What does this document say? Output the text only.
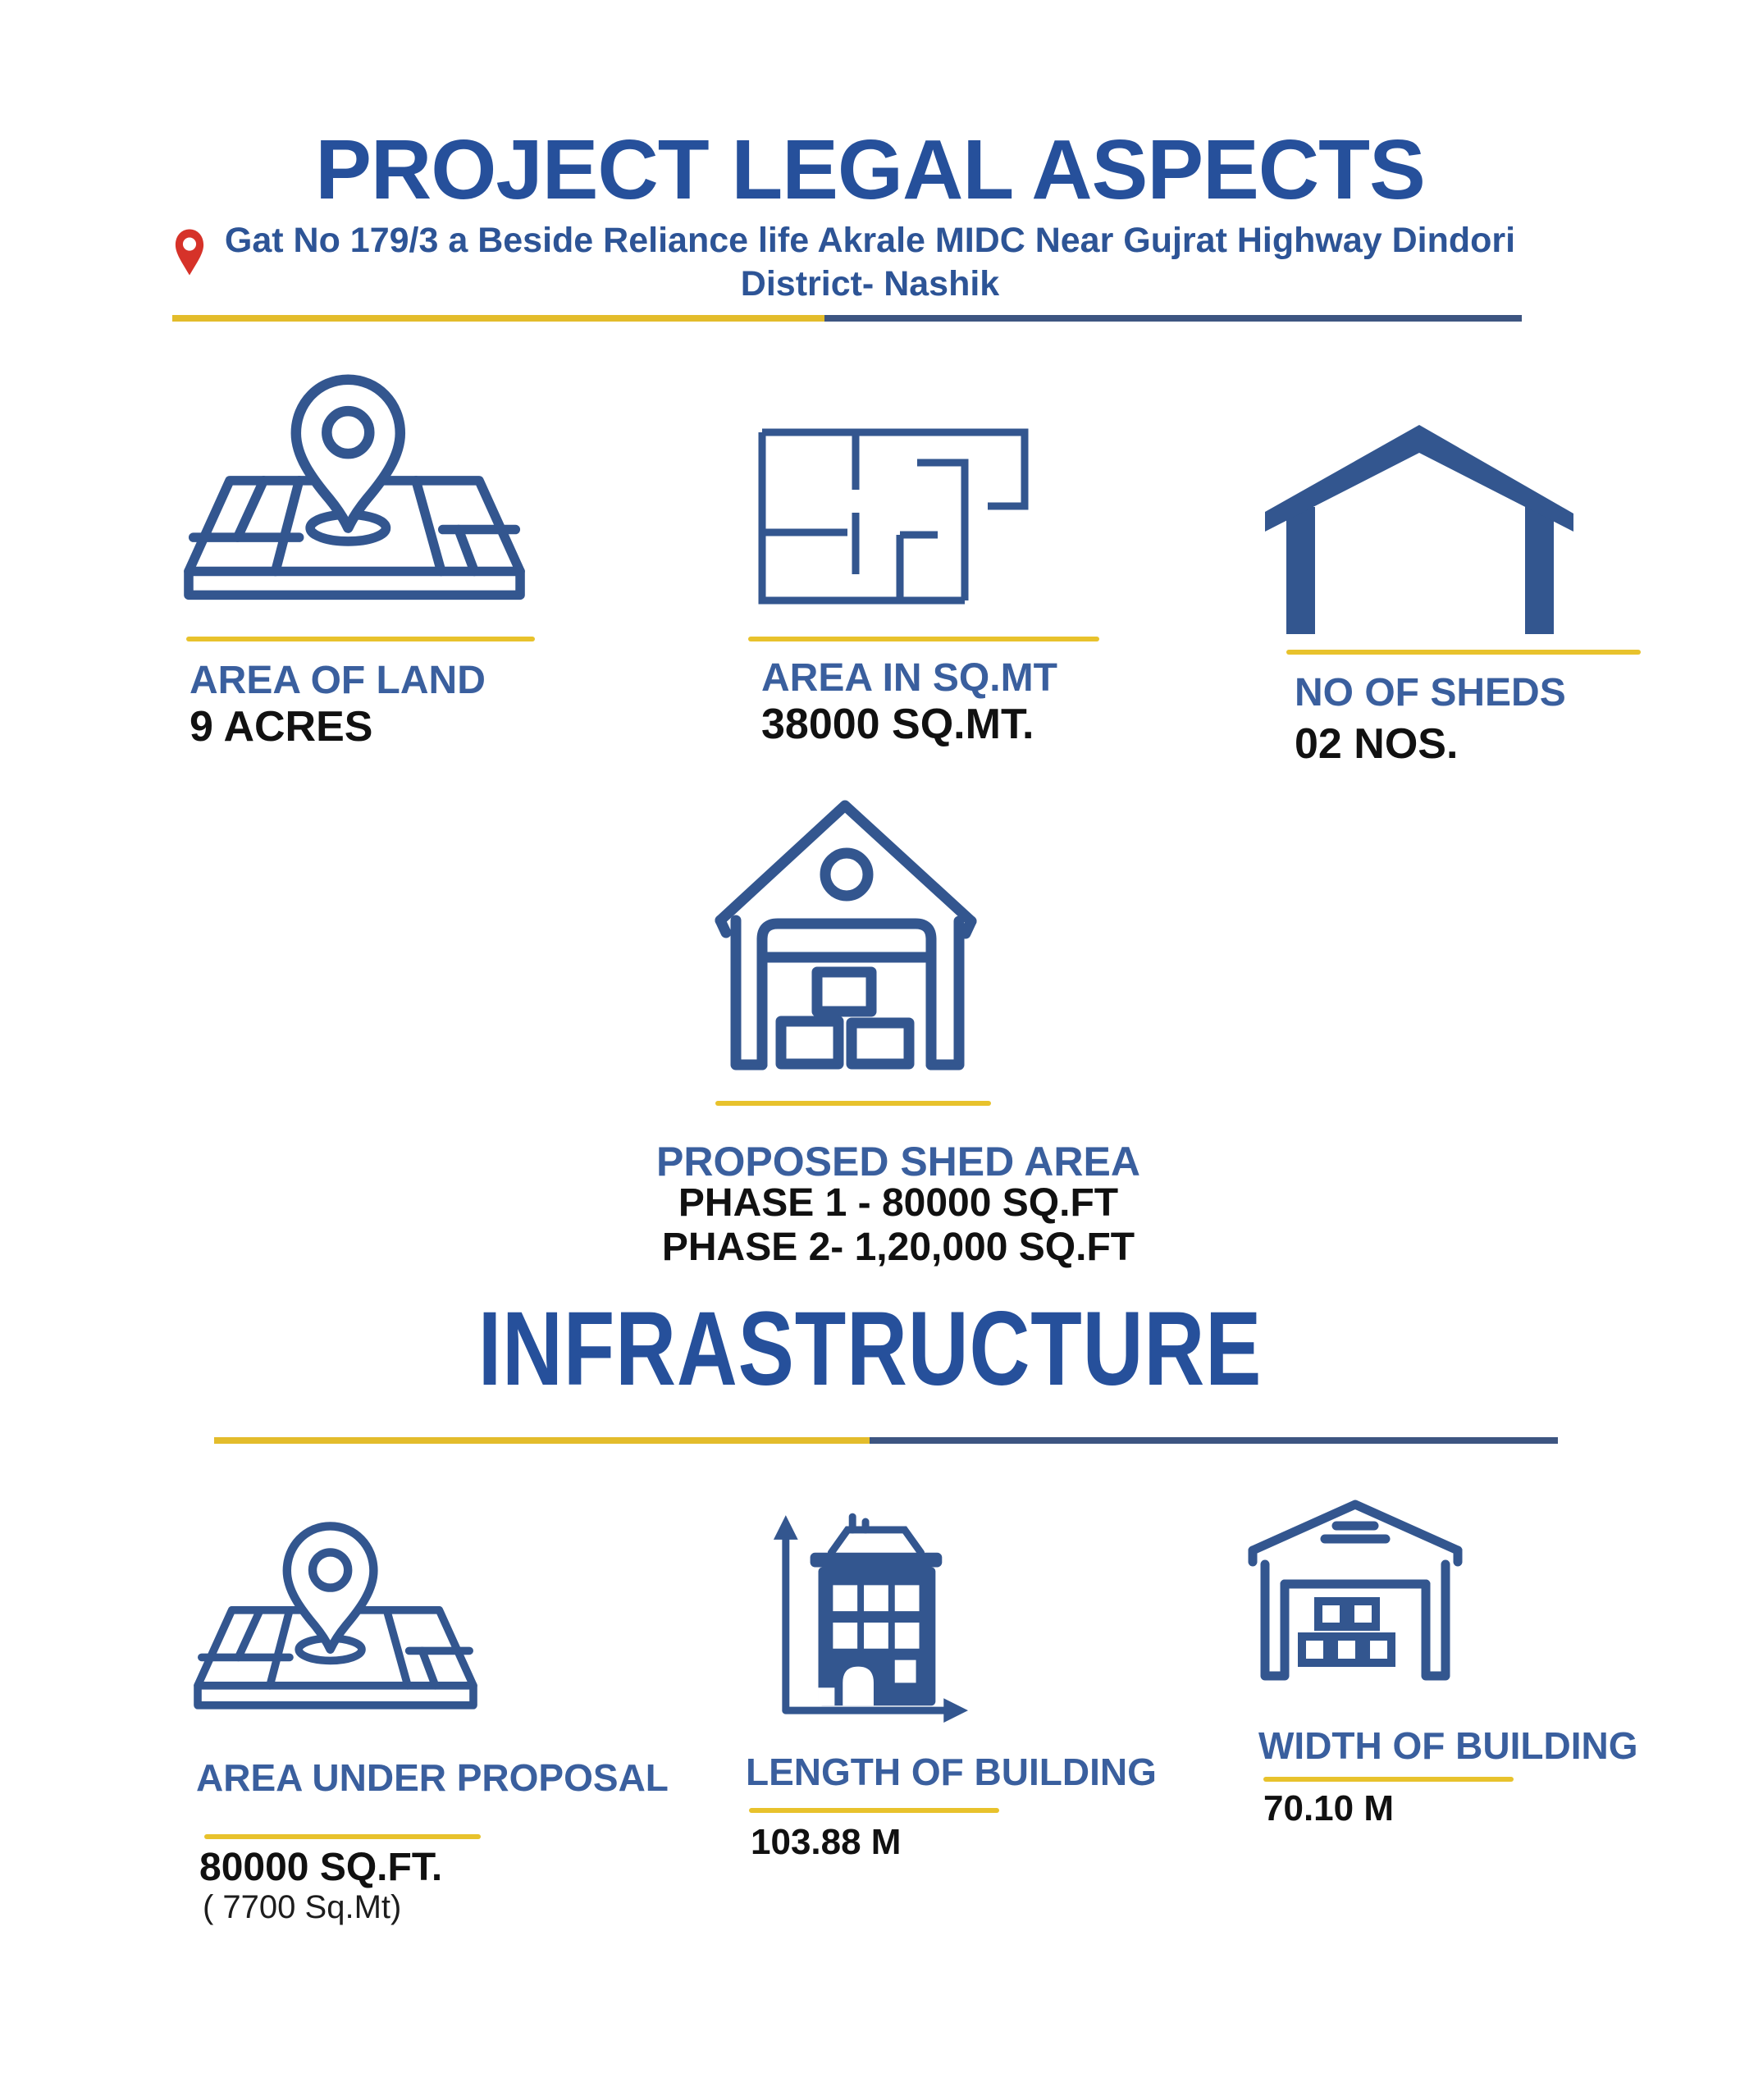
PROJECT LEGAL ASPECTS

Gat No 179/3 a Beside Reliance life Akrale MIDC Near Gujrat Highway Dindori

District- Nashik

AREA OF LAND

9 ACRES

AREA IN SQ.MT

38000 SQ.MT.

NO OF SHEDS

02 NOS.

PROPOSED SHED AREA

PHASE 1 - 80000 SQ.FT

PHASE 2- 1,20,000 SQ.FT

INFRASTRUCTURE
AREA UNDER PROPOSAL

80000 SQ.FT.

( 7700 Sq.Mt)

LENGTH OF BUILDING

103.88 M

WIDTH OF BUILDING

70.10 M
